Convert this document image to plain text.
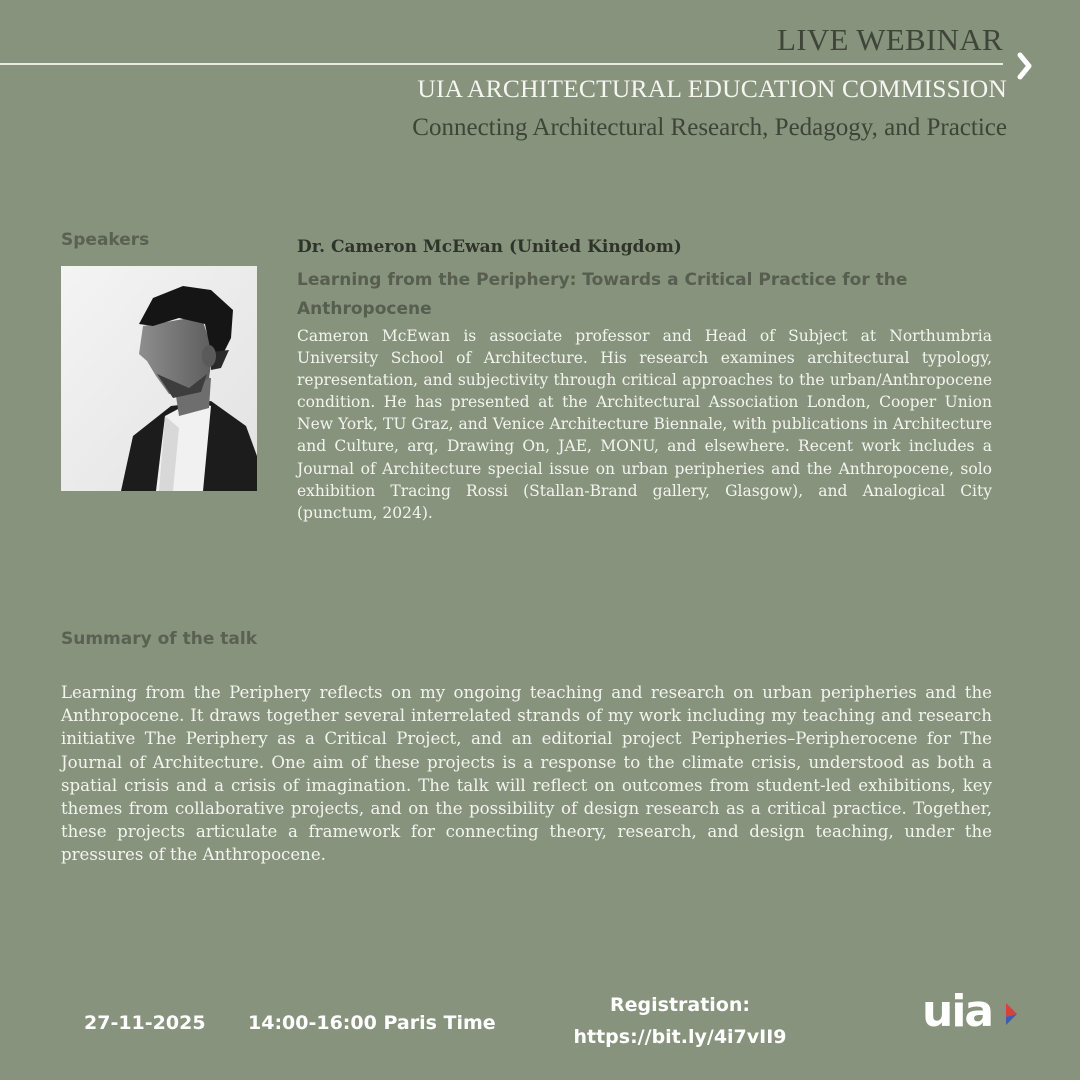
LIVE WEBINAR
UIA ARCHITECTURAL EDUCATION COMMISSION
Connecting Architectural Research, Pedagogy, and Practice
Speakers	Dr. Cameron McEwan (United Kingdom)
Learning from the Periphery: Towards a Critical Practice for the Anthropocene
Cameron McEwan is associate professor and Head of Subject at Northumbria University School of Architecture. His research examines architectural typology, representation, and subjectivity through critical approaches to the urban/Anthropocene condition. He has presented at the Architectural Association London, Cooper Union New York, TU Graz, and Venice Architecture Biennale, with publications in Architecture and Culture, arq, Drawing On, JAE, MONU, and elsewhere. Recent work includes a Journal of Architecture special issue on urban peripheries and the Anthropocene, solo exhibition Tracing Rossi (Stallan-Brand gallery, Glasgow), and Analogical City (punctum, 2024).
Summary of the talk
Learning from the Periphery reflects on my ongoing teaching and research on urban peripheries and the Anthropocene. It draws together several interrelated strands of my work including my teaching and research initiative The Periphery as a Critical Project, and an editorial project Peripheries–Peripherocene for The Journal of Architecture. One aim of these projects is a response to the climate crisis, understood as both a spatial crisis and a crisis of imagination. The talk will reflect on outcomes from student-led exhibitions, key themes from collaborative projects, and on the possibility of design research as a critical practice. Together, these projects articulate a framework for connecting theory, research, and design teaching, under the pressures of the Anthropocene.
27-11-2025 14:00-16:00 Paris Time
Registration:
https://bit.ly/4i7vII9	uia
